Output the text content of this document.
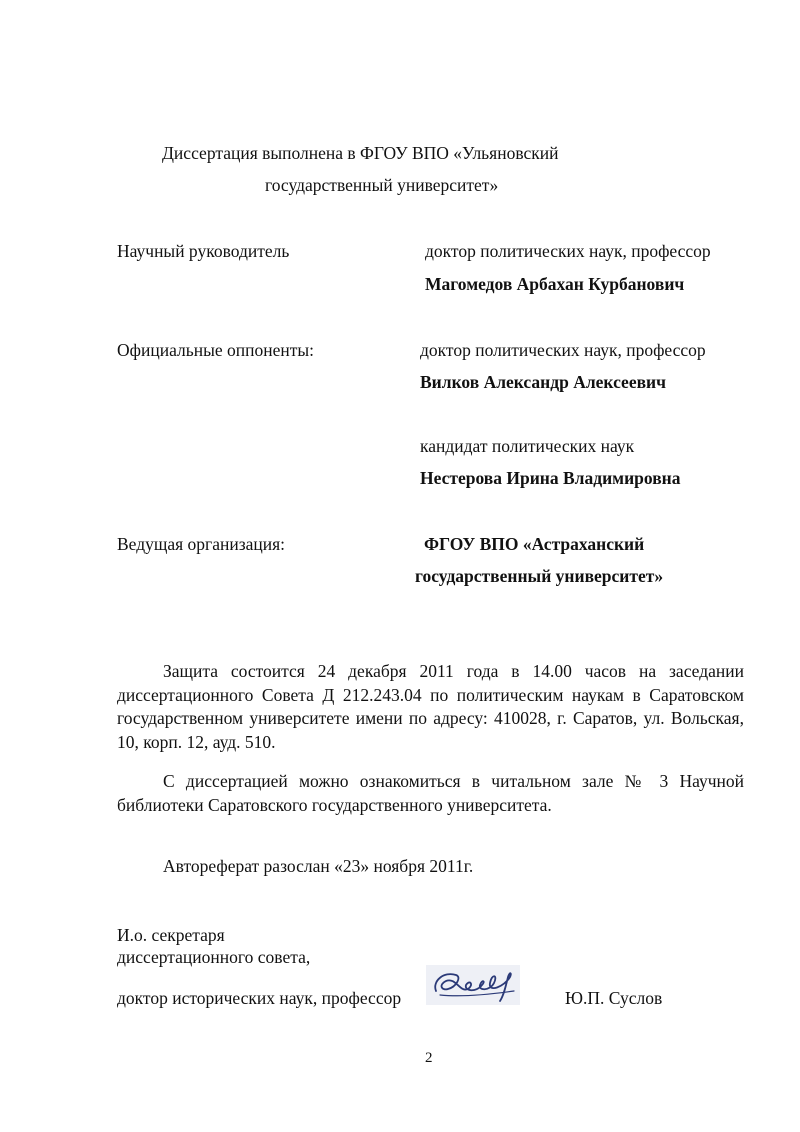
Диссертация выполнена в ФГОУ ВПО «Ульяновский
государственный университет»
Научный руководитель	доктор политических наук, профессор
Магомедов Арбахан Курбанович
Официальные оппоненты:	доктор политических наук, профессор
Вилков Александр Алексеевич
кандидат политических наук
Нестерова Ирина Владимировна
Ведущая организация:	ФГОУ ВПО «Астраханский
государственный университет»
Защита состоится 24 декабря 2011 года в 14.00 часов на заседании диссертационного Совета Д 212.243.04 по политическим наукам в Саратовском государственном университете имени по адресу: 410028, г. Саратов, ул. Вольская, 10, корп. 12, ауд. 510.
С диссертацией можно ознакомиться в читальном зале № 3 Научной библиотеки Саратовского государственного университета.
Автореферат разослан «23» ноября 2011г.
И.о. секретаря
диссертационного совета,
доктор исторических наук, профессор	Ю.П. Суслов
2
